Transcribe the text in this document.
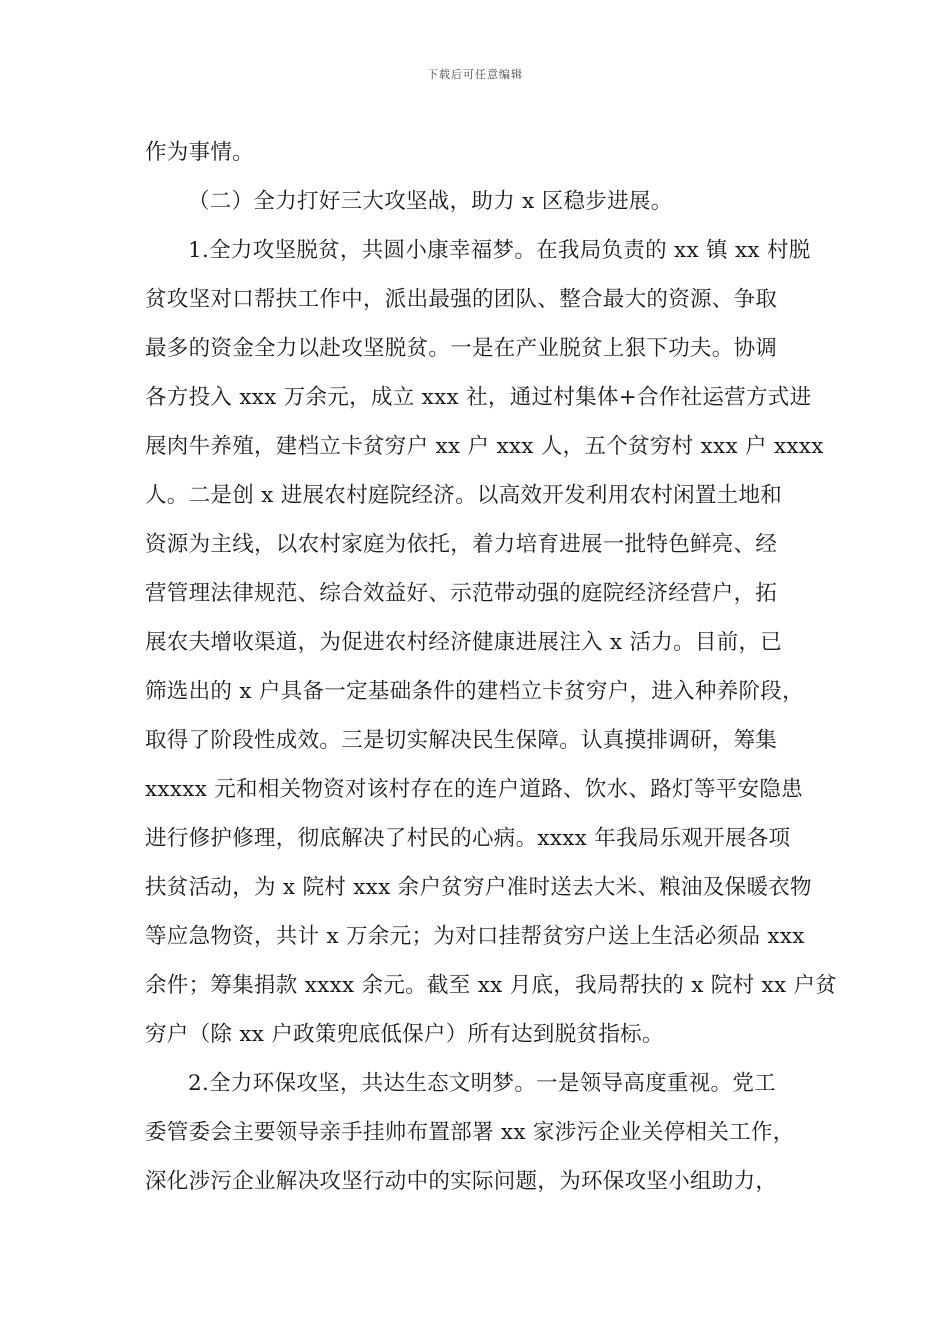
下载后可任意编辑
作为事情。
（二）全力打好三大攻坚战，助力 x 区稳步进展。
1.全力攻坚脱贫，共圆小康幸福梦。在我局负责的 xx 镇 xx 村脱
贫攻坚对口帮扶工作中，派出最强的团队、整合最大的资源、争取
最多的资金全力以赴攻坚脱贫。一是在产业脱贫上狠下功夫。协调
各方投入 xxx 万余元，成立 xxx 社，通过村集体+合作社运营方式进
展肉牛养殖，建档立卡贫穷户 xx 户 xxx 人，五个贫穷村 xxx 户 xxxx
人。二是创 x 进展农村庭院经济。以高效开发利用农村闲置土地和
资源为主线，以农村家庭为依托，着力培育进展一批特色鲜亮、经
营管理法律规范、综合效益好、示范带动强的庭院经济经营户，拓
展农夫增收渠道，为促进农村经济健康进展注入 x 活力。目前，已
筛选出的 x 户具备一定基础条件的建档立卡贫穷户，进入种养阶段，
取得了阶段性成效。三是切实解决民生保障。认真摸排调研，筹集
xxxxx 元和相关物资对该村存在的连户道路、饮水、路灯等平安隐患
进行修护修理，彻底解决了村民的心病。xxxx 年我局乐观开展各项
扶贫活动，为 x 院村 xxx 余户贫穷户准时送去大米、粮油及保暖衣物
等应急物资，共计 x 万余元；为对口挂帮贫穷户送上生活必须品 xxx
余件；筹集捐款 xxxx 余元。截至 xx 月底，我局帮扶的 x 院村 xx 户贫
穷户（除 xx 户政策兜底低保户）所有达到脱贫指标。
2.全力环保攻坚，共达生态文明梦。一是领导高度重视。党工
委管委会主要领导亲手挂帅布置部署 xx 家涉污企业关停相关工作，
深化涉污企业解决攻坚行动中的实际问题，为环保攻坚小组助力，
